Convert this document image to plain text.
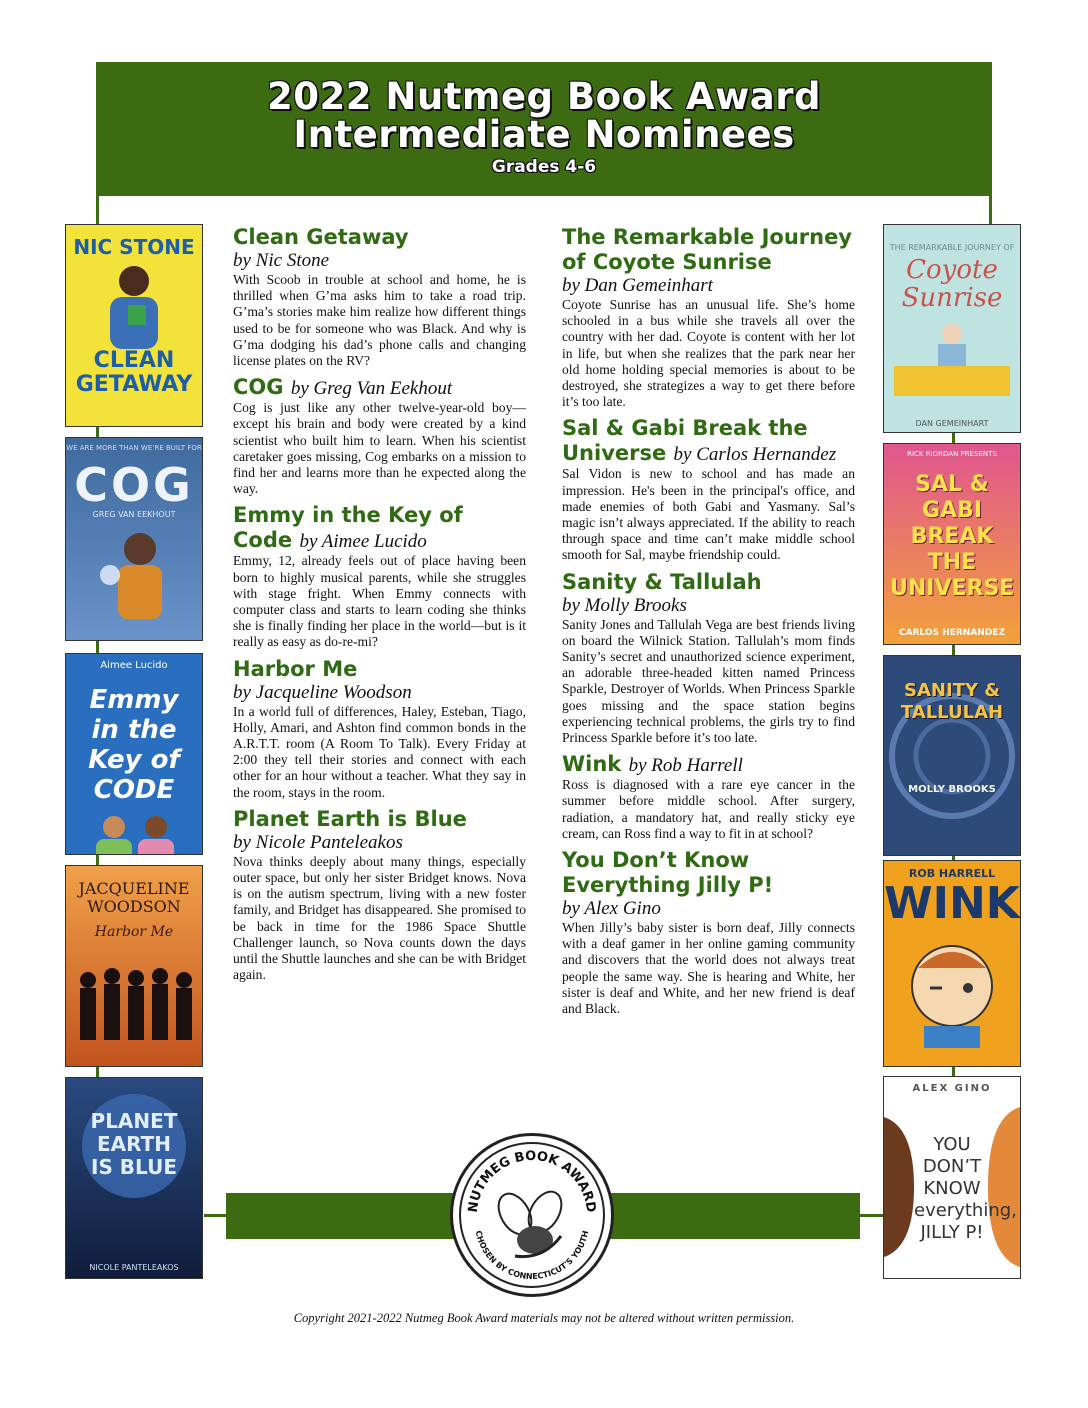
2022 Nutmeg Book Award
Intermediate Nominees
Grades 4-6
NIC STONE
CLEAN GETAWAY
WE ARE MORE THAN WE’RE BUILT FOR
COG
GREG VAN EEKHOUT
Aimee Lucido
Emmy in the Key of CODE
JACQUELINE WOODSON
Harbor Me
PLANET EARTH IS BLUE
NICOLE PANTELEAKOS
THE REMARKABLE JOURNEY OF
Coyote Sunrise
DAN GEMEINHART
RICK RIORDAN PRESENTS
SAL & GABI BREAK THE UNIVERSE
CARLOS HERNANDEZ
SANITY & TALLULAH
MOLLY BROOKS
ROB HARRELL
WINK
ALEX GINO
YOU DON’T KNOW everything, JILLY P!
Clean Getaway
by Nic Stone
With Scoob in trouble at school and home, he is thrilled when G’ma asks him to take a road trip. G’ma’s stories make him realize how different things used to be for someone who was Black. And why is G’ma dodging his dad’s phone calls and changing license plates on the RV?
COG by Greg Van Eekhout
Cog is just like any other twelve-year-old boy—except his brain and body were created by a kind scientist who built him to learn. When his scientist caretaker goes missing, Cog embarks on a mission to find her and learns more than he expected along the way.
Emmy in the Key of Code by Aimee Lucido
Emmy, 12, already feels out of place having been born to highly musical parents, while she struggles with stage fright. When Emmy connects with computer class and starts to learn coding she thinks she is finally finding her place in the world—but is it really as easy as do-re-mi?
Harbor Me
by Jacqueline Woodson
In a world full of differences, Haley, Esteban, Tiago, Holly, Amari, and Ashton find common bonds in the A.R.T.T. room (A Room To Talk). Every Friday at 2:00 they tell their stories and connect with each other for an hour without a teacher. What they say in the room, stays in the room.
Planet Earth is Blue
by Nicole Panteleakos
Nova thinks deeply about many things, especially outer space, but only her sister Bridget knows. Nova is on the autism spectrum, living with a new foster family, and Bridget has disappeared. She promised to be back in time for the 1986 Space Shuttle Challenger launch, so Nova counts down the days until the Shuttle launches and she can be with Bridget again.
The Remarkable Journey of Coyote Sunrise
by Dan Gemeinhart
Coyote Sunrise has an unusual life. She’s home schooled in a bus while she travels all over the country with her dad. Coyote is content with her lot in life, but when she realizes that the park near her old home holding special memories is about to be destroyed, she strategizes a way to get there before it’s too late.
Sal & Gabi Break the Universe by Carlos Hernandez
Sal Vidon is new to school and has made an impression. He's been in the principal's office, and made enemies of both Gabi and Yasmany. Sal’s magic isn’t always appreciated. If the ability to reach through space and time can’t make middle school smooth for Sal, maybe friendship could.
Sanity & Tallulah
by Molly Brooks
Sanity Jones and Tallulah Vega are best friends living on board the Wilnick Station. Tallulah’s mom finds Sanity’s secret and unauthorized science experiment, an adorable three-headed kitten named Princess Sparkle, Destroyer of Worlds. When Princess Sparkle goes missing and the space station begins experiencing technical problems, the girls try to find Princess Sparkle before it’s too late.
Wink by Rob Harrell
Ross is diagnosed with a rare eye cancer in the summer before middle school. After surgery, radiation, a mandatory hat, and really sticky eye cream, can Ross find a way to fit in at school?
You Don’t Know Everything Jilly P!
by Alex Gino
When Jilly’s baby sister is born deaf, Jilly connects with a deaf gamer in her online gaming community and discovers that the world does not always treat people the same way. She is hearing and White, her sister is deaf and White, and her new friend is deaf and Black.
NUTMEG BOOK AWARD
CHOSEN BY CONNECTICUT'S YOUTH
Copyright 2021-2022 Nutmeg Book Award materials may not be altered without written permission.
